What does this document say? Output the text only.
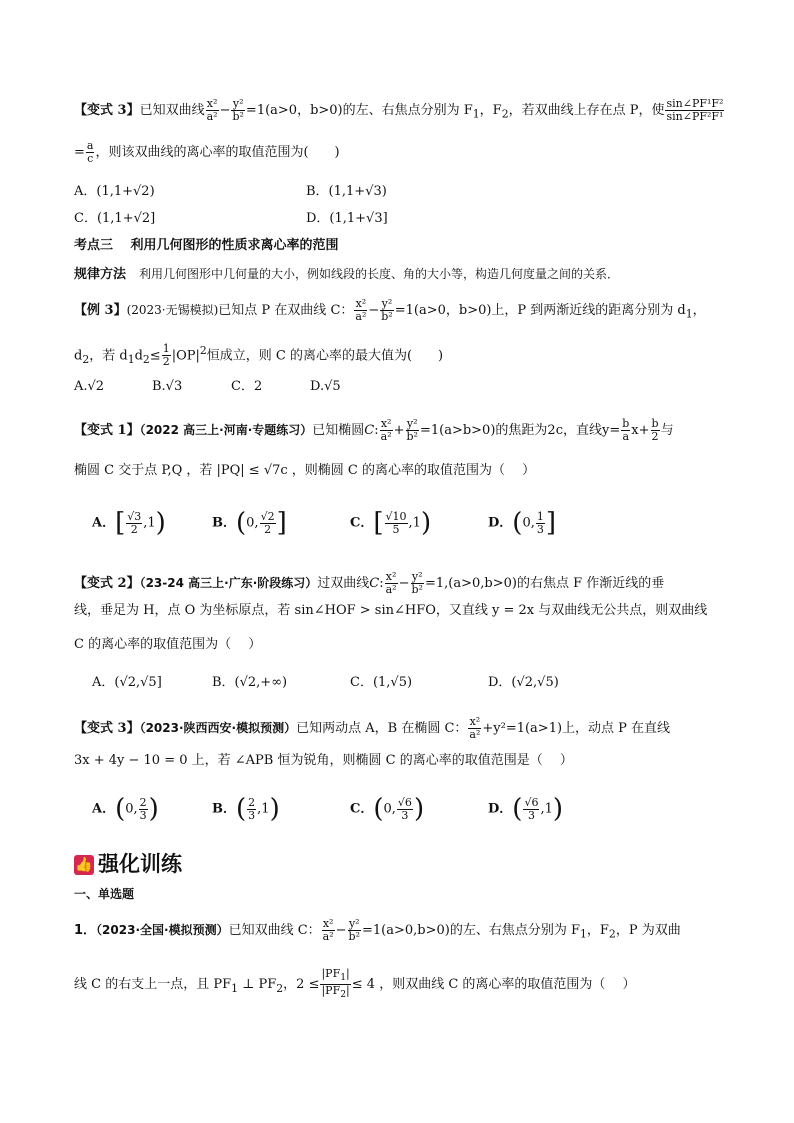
【变式 3】已知双曲线 $\frac{\text{x²}}{\text{a²}} - \frac{\text{y²}}{\text{b²}} =1(a>0$，b>0)的左、右焦点分别为 $F_1$，$F_2$，若双曲线上存在点 P，使 $\frac{\text{sin∠PF¹F²}}{\text{sin∠PF²F¹}}$
= $\frac{a}{c}$ ，则该双曲线的离心率的取值范围为(　　)
A．(1,1+√2)	B．(1,1+√3)
C．(1,1+√2]	D．(1,1+√3]
考点三　 利用几何图形的性质求离心率的范围
规律方法　 利用几何图形中几何量的大小，例如线段的长度、角的大小等，构造几何度量之间的关系．
【例 3】(2023·无锡模拟)已知点 P 在双曲线 C： $\frac{\text{x²}}{\text{a²}} - \frac{\text{y²}}{\text{b²}} =1(a>0$，b>0)上，P 到两渐近线的距离分别为 $d_1$，
$d_2$，若 $d_1d_2\le \frac{1}{2} |OP|^2$恒成立，则 C 的离心率的最大值为(　　)
A.√2	B.√3	C．2	D.√5
【变式 1】（2022 高三上·河南·专题练习）已知椭圆C: $\frac{\text{x²}}{\text{a²}} + \frac{\text{y²}}{\text{b²}} =1(a>b>0)$的焦距为2c，直线$y= \frac{b}{a} x+ \frac{b}{2}$ 与
椭圆 C 交于点 P,Q ，若 |PQ| ≤ √7c ，则椭圆 C 的离心率的取值范围为（　 ）
A．[ $\frac{√3}{2} ,1$)	B．(0, $\frac{√2}{2}$ ]	C．[ $\frac{√10}{5} ,1$)	D．(0, $\frac{1}{3}$ ]
【变式 2】（23-24 高三上·广东·阶段练习）过双曲线C: $\frac{\text{x²}}{\text{a²}} - \frac{\text{y²}}{\text{b²}} =1,(a>0,b>0)$的右焦点 F 作渐近线的垂
线，垂足为 H，点 O 为坐标原点，若 sin∠HOF > sin∠HFO，又直线 y = 2x 与双曲线无公共点，则双曲线
C 的离心率的取值范围为（　 ）
A．(√2,√5]	B．(√2,+∞)	C．(1,√5)	D．(√2,√5)
【变式 3】（2023·陕西西安·模拟预测）已知两动点 A，B 在椭圆 C： $\frac{\text{x²}}{\text{a²}} +y^2=1(a>1)$上，动点 P 在直线
3x + 4y − 10 = 0 上，若 ∠APB 恒为锐角，则椭圆 C 的离心率的取值范围是（　 ）
A．(0, $\frac{2}{3}$ )	B．( $\frac{2}{3} ,1$)	C．(0, $\frac{√6}{3}$ )	D．( $\frac{√6}{3} ,1$)
👍 强化训练
一、单选题
1．（2023·全国·模拟预测）已知双曲线 C： $\frac{\text{x²}}{\text{a²}} - \frac{\text{y²}}{\text{b²}} =1(a>0,b>0)$的左、右焦点分别为 $F_1$，$F_2$，P 为双曲
线 C 的右支上一点，且 $PF_1$ ⊥ $PF_2$，$2 \le \frac{|PF_1|}{|PF_2|} \le 4$ ，则双曲线 C 的离心率的取值范围为（　 ）
